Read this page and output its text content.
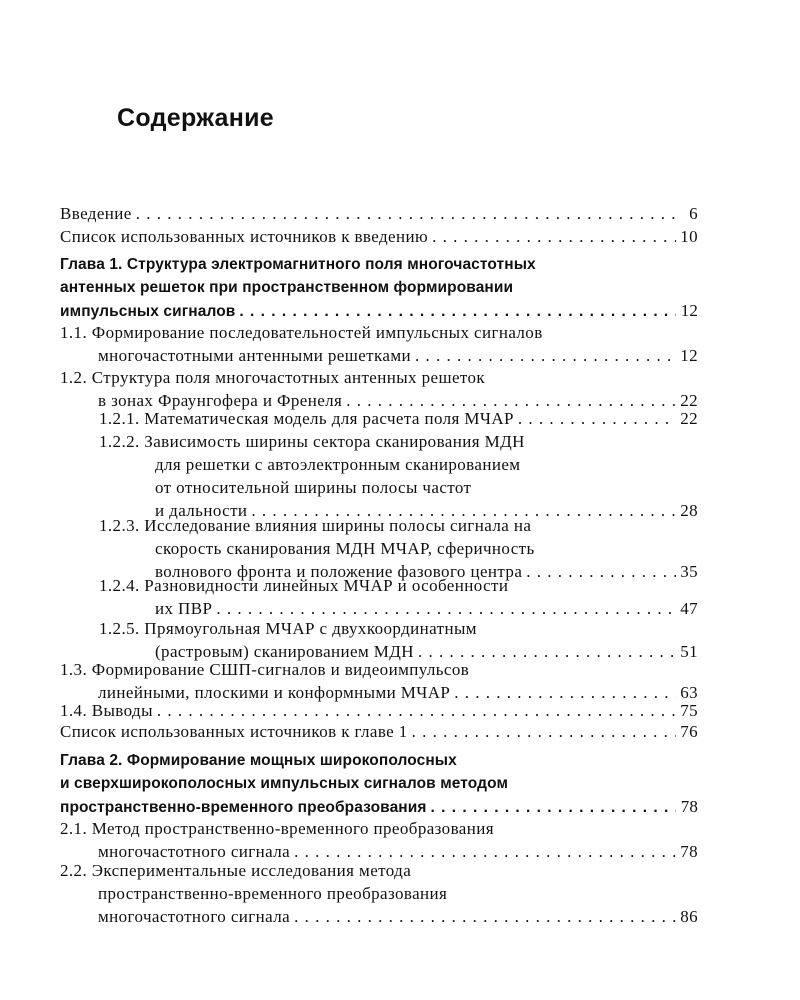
Содержание
Введение . . .	6
Список использованных источников к введению . . .	10
Глава 1. Структура электромагнитного поля многочастотных
антенных решеток при пространственном формировании
импульсных сигналов . . .	12
1.1. Формирование последовательностей импульсных сигналов
многочастотными антенными решетками . . .	12
1.2. Структура поля многочастотных антенных решеток
в зонах Фраунгофера и Френеля . . .	22
1.2.1. Математическая модель для расчета поля МЧАР . . .	22
1.2.2. Зависимость ширины сектора сканирования МДН
для решетки с автоэлектронным сканированием
от относительной ширины полосы частот
и дальности . . .	28
1.2.3. Исследование влияния ширины полосы сигнала на
скорость сканирования МДН МЧАР, сферичность
волнового фронта и положение фазового центра . . .	35
1.2.4. Разновидности линейных МЧАР и особенности
их ПВР . . .	47
1.2.5. Прямоугольная МЧАР с двухкоординатным
(растровым) сканированием МДН . . .	51
1.3. Формирование СШП-сигналов и видеоимпульсов
линейными, плоскими и конформными МЧАР . . .	63
1.4. Выводы . . .	75
Список использованных источников к главе 1 . . .	76
Глава 2. Формирование мощных широкополосных
и сверхширокополосных импульсных сигналов методом
пространственно-временного преобразования . . .	78
2.1. Метод пространственно-временного преобразования
многочастотного сигнала . . .	78
2.2. Экспериментальные исследования метода
пространственно-временного преобразования
многочастотного сигнала . . .	86
